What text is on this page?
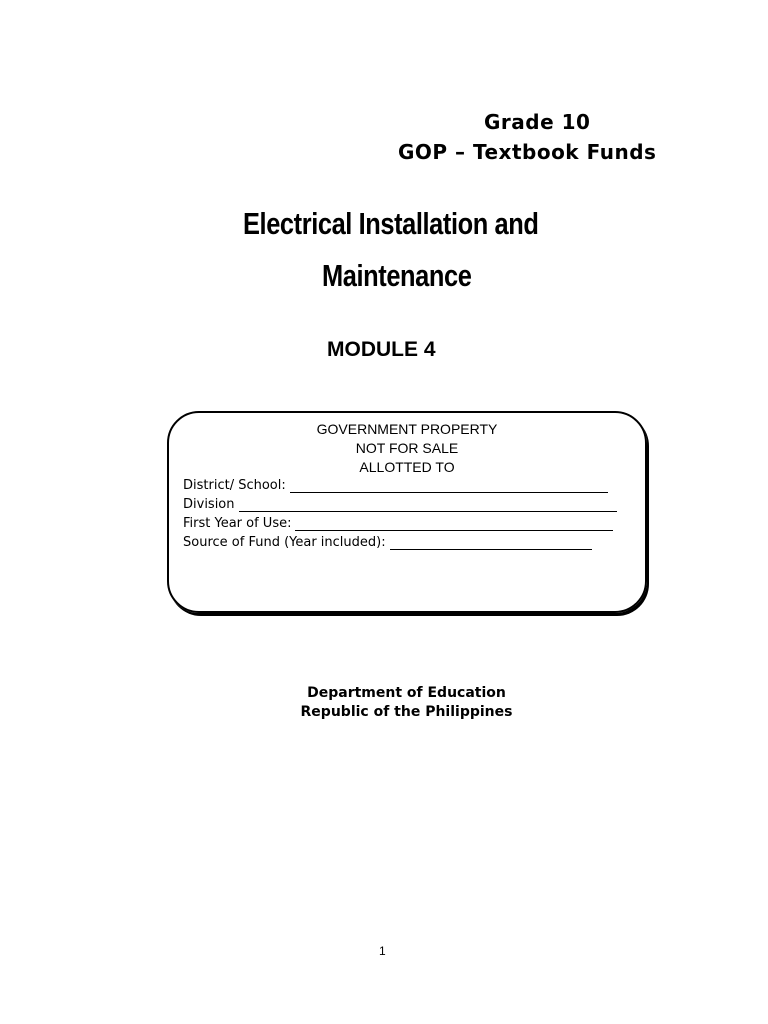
Grade 10
GOP – Textbook Funds
Electrical Installation and
Maintenance
MODULE 4
GOVERNMENT PROPERTY
NOT FOR SALE
ALLOTTED TO
District/ School:
Division
First Year of Use:
Source of Fund (Year included):
Department of Education
Republic of the Philippines
1
